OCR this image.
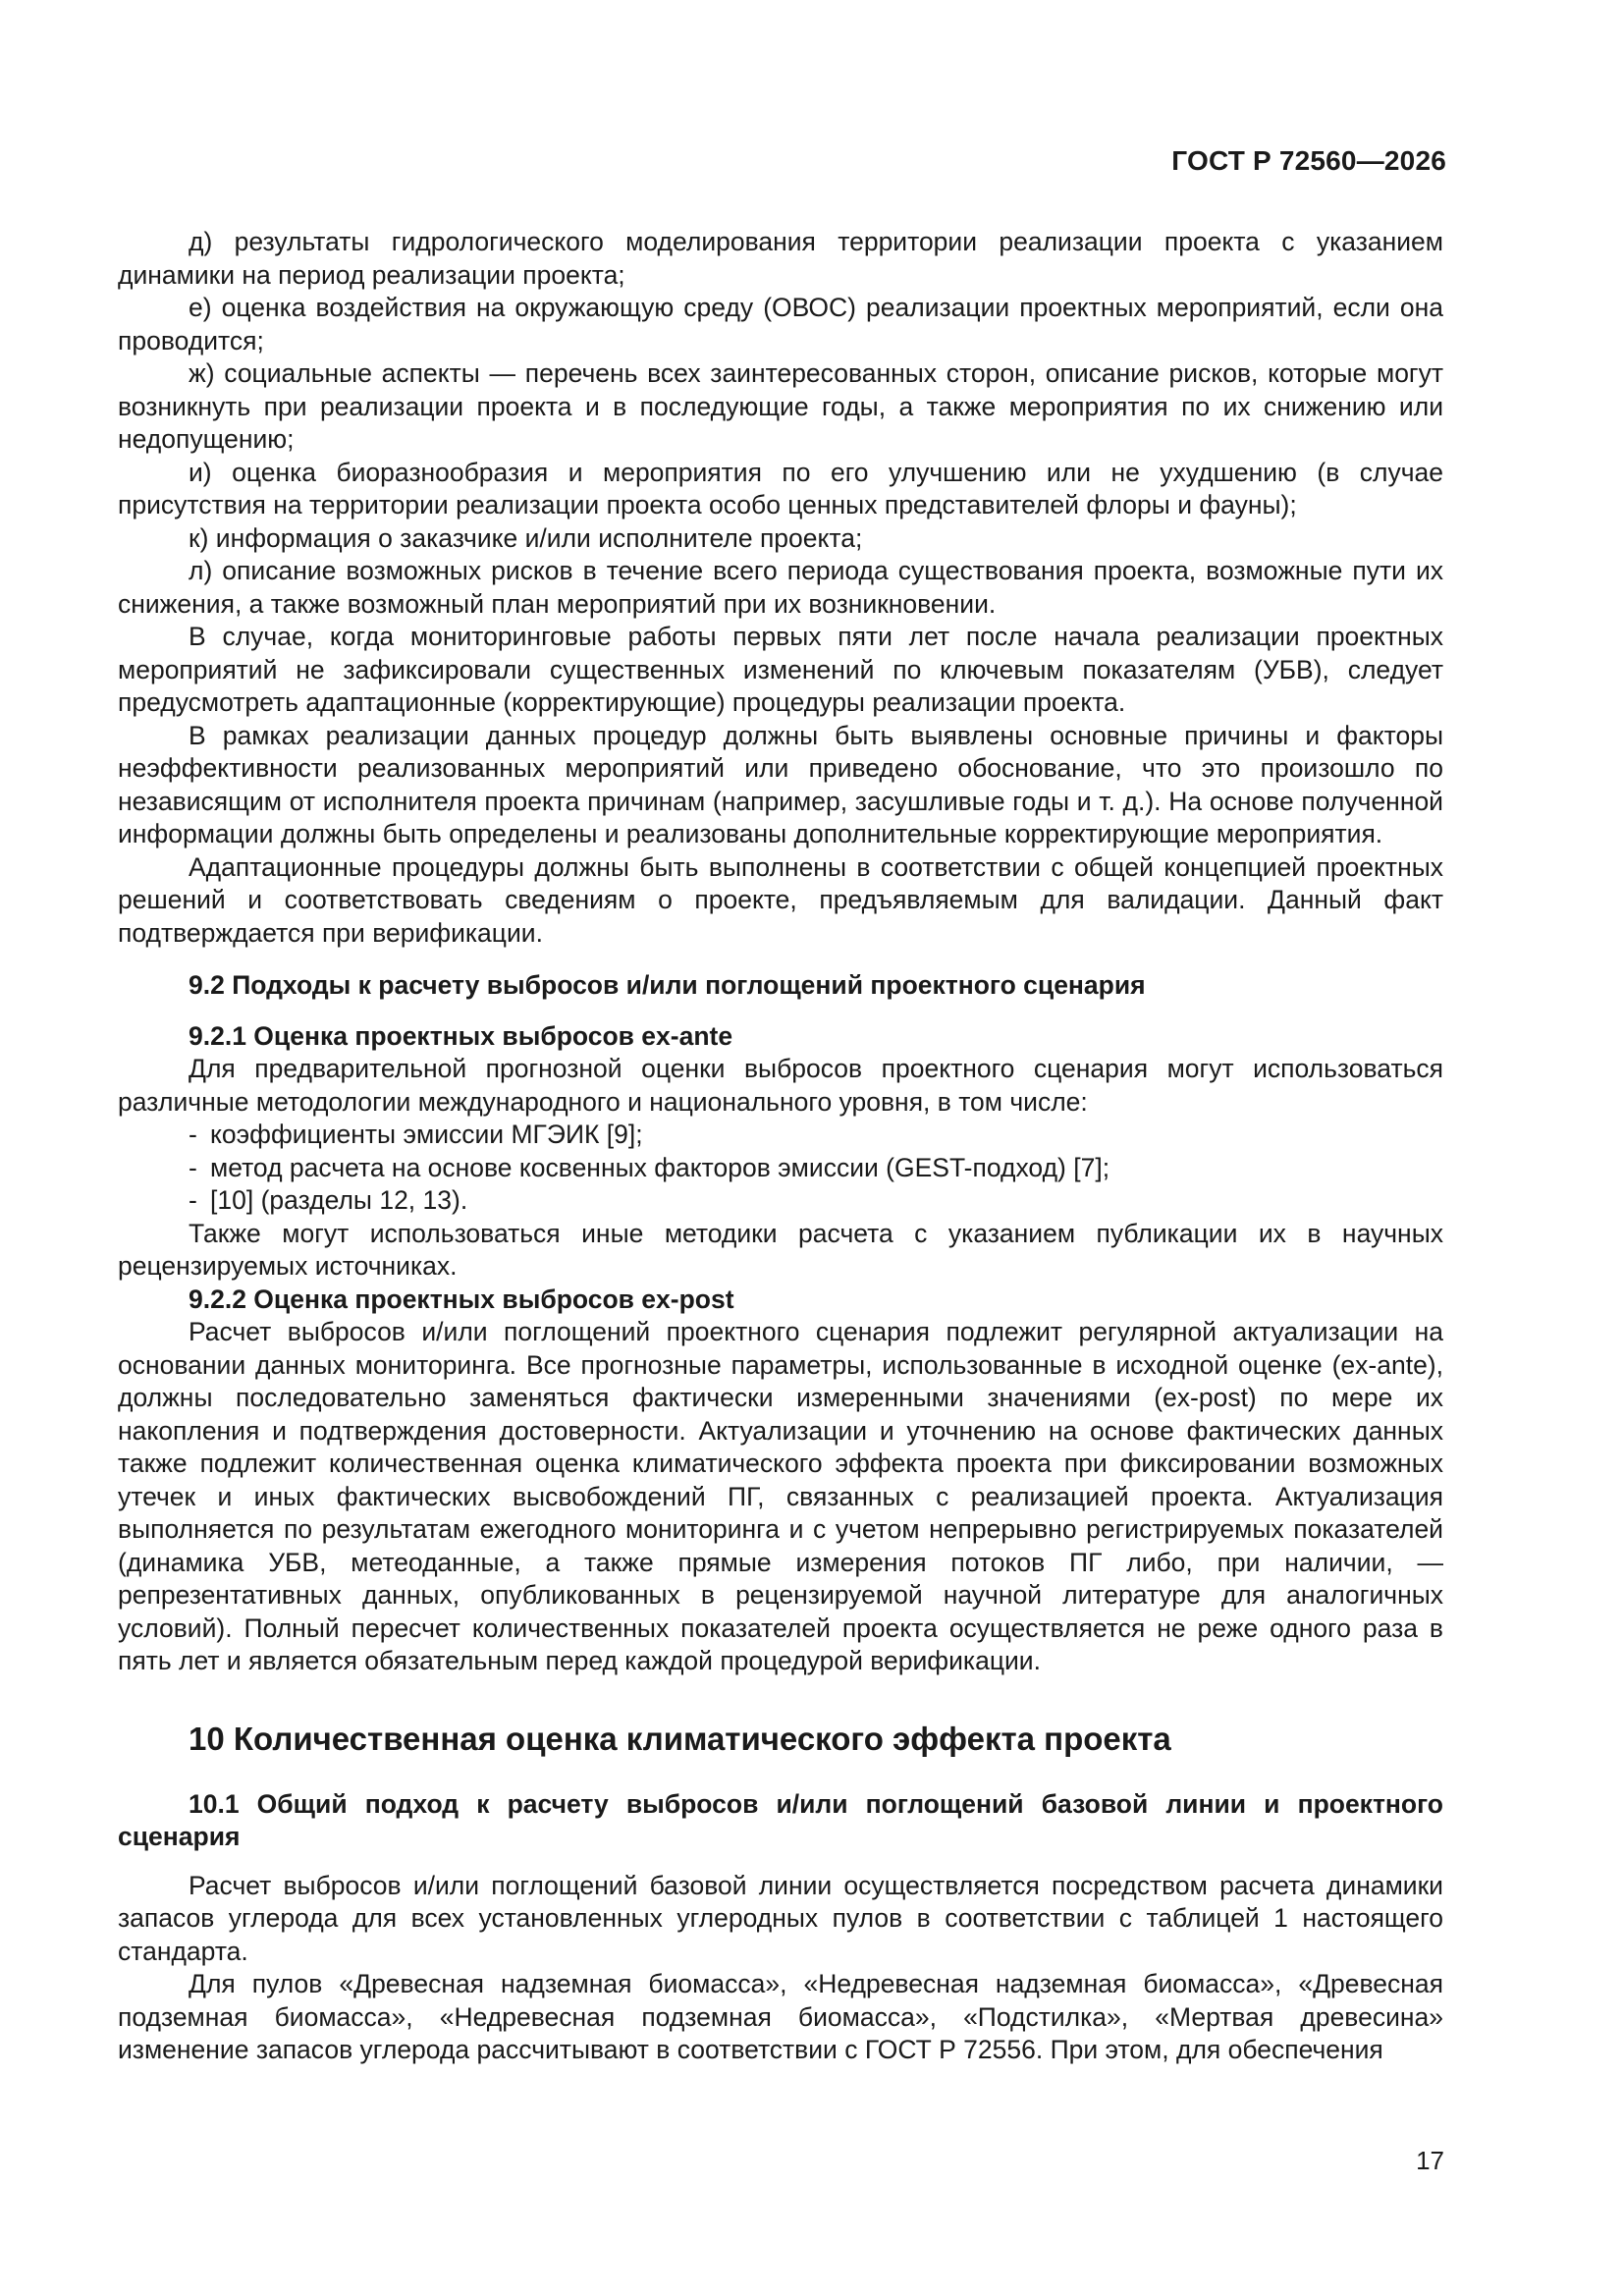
ГОСТ Р 72560—2026

д) результаты гидрологического моделирования территории реализации проекта с указанием динамики на период реализации проекта;

е) оценка воздействия на окружающую среду (ОВОС) реализации проектных мероприятий, если она проводится;

ж) социальные аспекты — перечень всех заинтересованных сторон, описание рисков, которые могут возникнуть при реализации проекта и в последующие годы, а также мероприятия по их снижению или недопущению;

и) оценка биоразнообразия и мероприятия по его улучшению или не ухудшению (в случае присутствия на территории реализации проекта особо ценных представителей флоры и фауны);

к) информация о заказчике и/или исполнителе проекта;

л) описание возможных рисков в течение всего периода существования проекта, возможные пути их снижения, а также возможный план мероприятий при их возникновении.

В случае, когда мониторинговые работы первых пяти лет после начала реализации проектных мероприятий не зафиксировали существенных изменений по ключевым показателям (УБВ), следует предусмотреть адаптационные (корректирующие) процедуры реализации проекта.

В рамках реализации данных процедур должны быть выявлены основные причины и факторы неэффективности реализованных мероприятий или приведено обоснование, что это произошло по независящим от исполнителя проекта причинам (например, засушливые годы и т. д.). На основе полученной информации должны быть определены и реализованы дополнительные корректирующие мероприятия.

Адаптационные процедуры должны быть выполнены в соответствии с общей концепцией проектных решений и соответствовать сведениям о проекте, предъявляемым для валидации. Данный факт подтверждается при верификации.

9.2 Подходы к расчету выбросов и/или поглощений проектного сценария

9.2.1 Оценка проектных выбросов ex-ante

Для предварительной прогнозной оценки выбросов проектного сценария могут использоваться различные методологии международного и национального уровня, в том числе:

- коэффициенты эмиссии МГЭИК [9];

- метод расчета на основе косвенных факторов эмиссии (GEST-подход) [7];

- [10] (разделы 12, 13).

Также могут использоваться иные методики расчета с указанием публикации их в научных рецензируемых источниках.

9.2.2 Оценка проектных выбросов ex-post

Расчет выбросов и/или поглощений проектного сценария подлежит регулярной актуализации на основании данных мониторинга. Все прогнозные параметры, использованные в исходной оценке (ex-ante), должны последовательно заменяться фактически измеренными значениями (ex-post) по мере их накопления и подтверждения достоверности. Актуализации и уточнению на основе фактических данных также подлежит количественная оценка климатического эффекта проекта при фиксировании возможных утечек и иных фактических высвобождений ПГ, связанных с реализацией проекта. Актуализация выполняется по результатам ежегодного мониторинга и с учетом непрерывно регистрируемых показателей (динамика УБВ, метеоданные, а также прямые измерения потоков ПГ либо, при наличии, — репрезентативных данных, опубликованных в рецензируемой научной литературе для аналогичных условий). Полный пересчет количественных показателей проекта осуществляется не реже одного раза в пять лет и является обязательным перед каждой процедурой верификации.

10 Количественная оценка климатического эффекта проекта

10.1 Общий подход к расчету выбросов и/или поглощений базовой линии и проектного сценария

Расчет выбросов и/или поглощений базовой линии осуществляется посредством расчета динамики запасов углерода для всех установленных углеродных пулов в соответствии с таблицей 1 настоящего стандарта.

Для пулов «Древесная надземная биомасса», «Недревесная надземная биомасса», «Древесная подземная биомасса», «Недревесная подземная биомасса», «Подстилка», «Мертвая древесина» изменение запасов углерода рассчитывают в соответствии с ГОСТ Р 72556. При этом, для обеспечения

17
